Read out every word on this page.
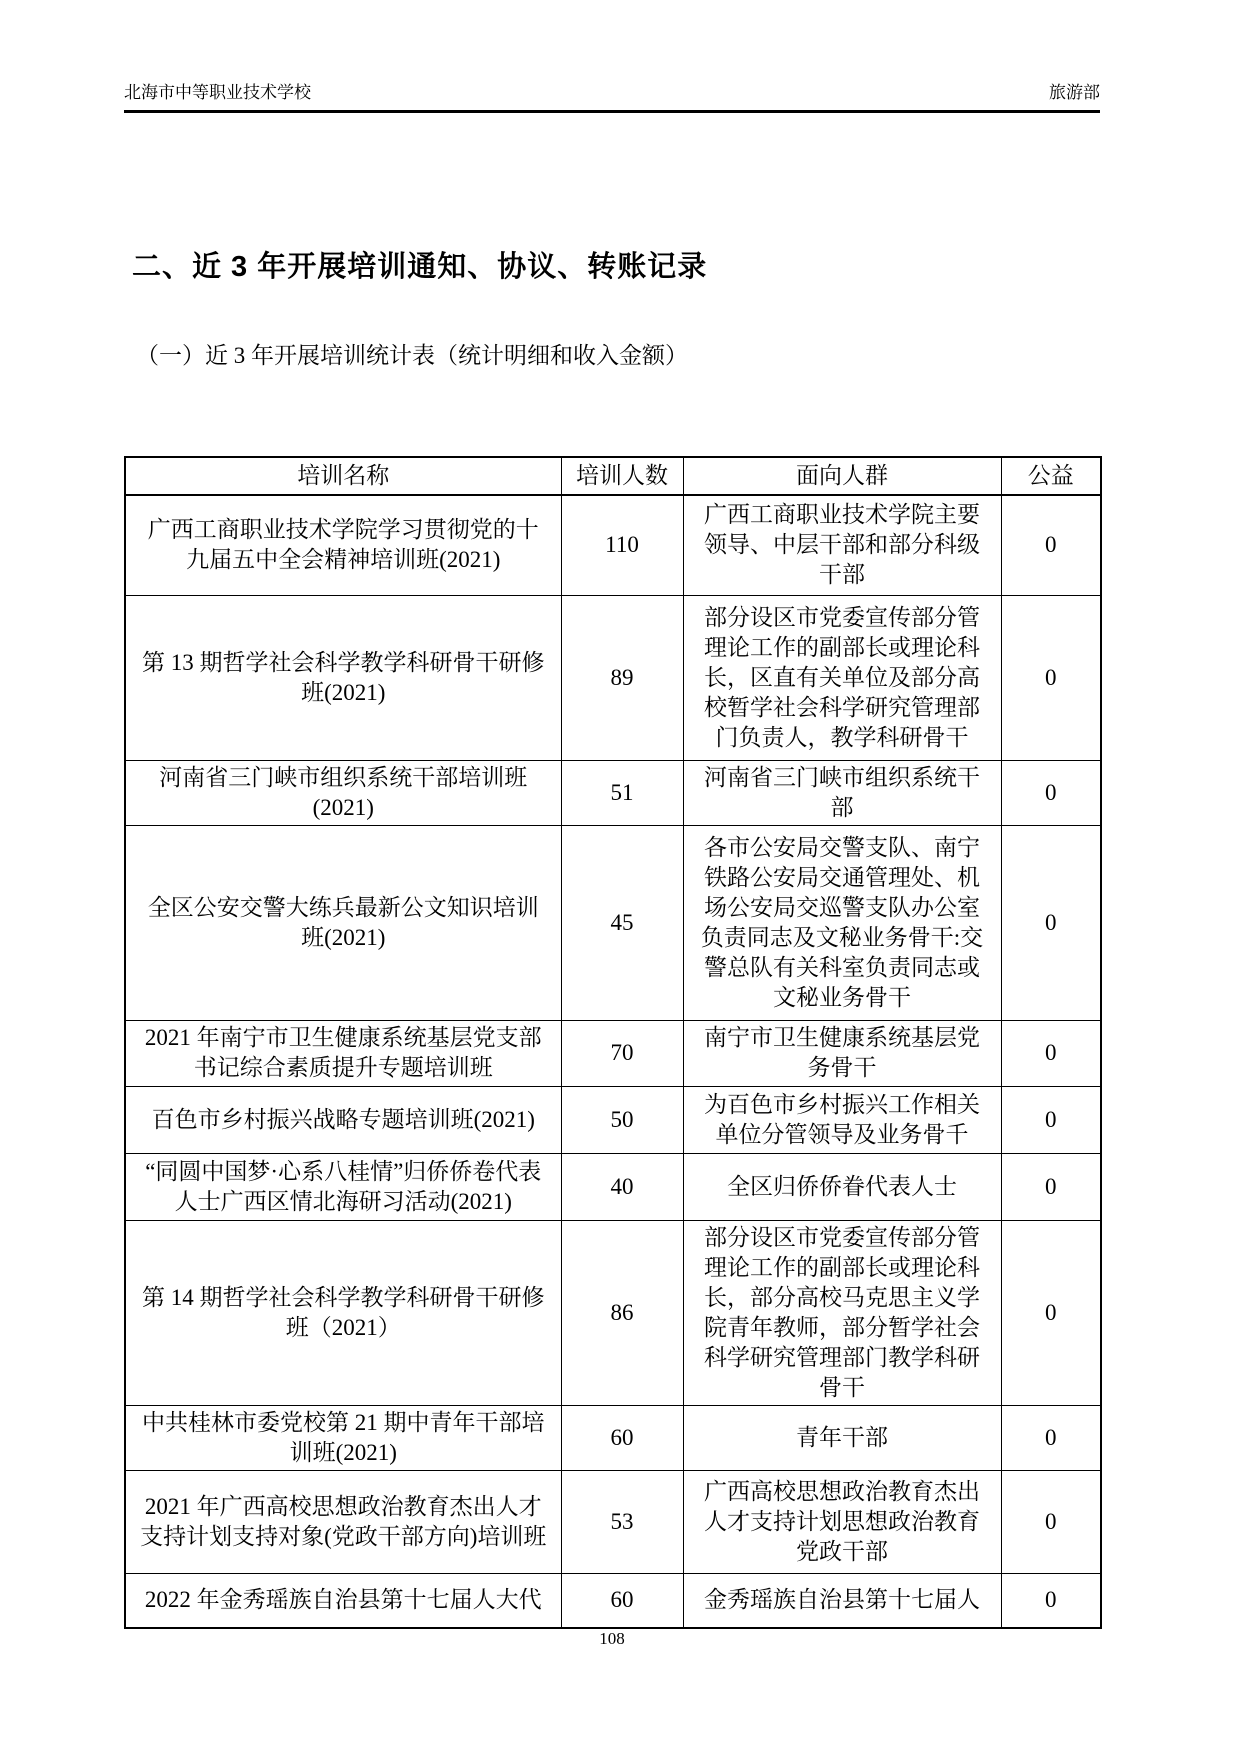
北海市中等职业技术学校	旅游部
二、近 3 年开展培训通知、协议、转账记录
（一）近 3 年开展培训统计表（统计明细和收入金额）
培训名称	培训人数	面向人群	公益
广西工商职业技术学院学习贯彻党的十九届五中全会精神培训班(2021)	110	广西工商职业技术学院主要领导、中层干部和部分科级干部	0
第 13 期哲学社会科学教学科研骨干研修班(2021)	89	部分设区市党委宣传部分管理论工作的副部长或理论科长，区直有关单位及部分高校暂学社会科学研究管理部门负责人，教学科研骨干	0
河南省三门峡市组织系统干部培训班(2021)	51	河南省三门峡市组织系统干部	0
全区公安交警大练兵最新公文知识培训班(2021)	45	各市公安局交警支队、南宁铁路公安局交通管理处、机场公安局交巡警支队办公室负责同志及文秘业务骨干:交警总队有关科室负责同志或文秘业务骨干	0
2021 年南宁市卫生健康系统基层党支部书记综合素质提升专题培训班	70	南宁市卫生健康系统基层党务骨干	0
百色市乡村振兴战略专题培训班(2021)	50	为百色市乡村振兴工作相关单位分管领导及业务骨千	0
“同圆中国梦·心系八桂情”归侨侨卷代表人士广西区情北海研习活动(2021)	40	全区归侨侨眷代表人士	0
第 14 期哲学社会科学教学科研骨干研修班（2021）	86	部分设区市党委宣传部分管理论工作的副部长或理论科长，部分高校马克思主义学院青年教师，部分暂学社会科学研究管理部门教学科研骨干	0
中共桂林市委党校第 21 期中青年干部培训班(2021)	60	青年干部	0
2021 年广西高校思想政治教育杰出人才支持计划支持对象(党政干部方向)培训班	53	广西高校思想政治教育杰出人才支持计划思想政治教育党政干部	0
2022 年金秀瑶族自治县第十七届人大代	60	金秀瑶族自治县第十七届人	0
108
